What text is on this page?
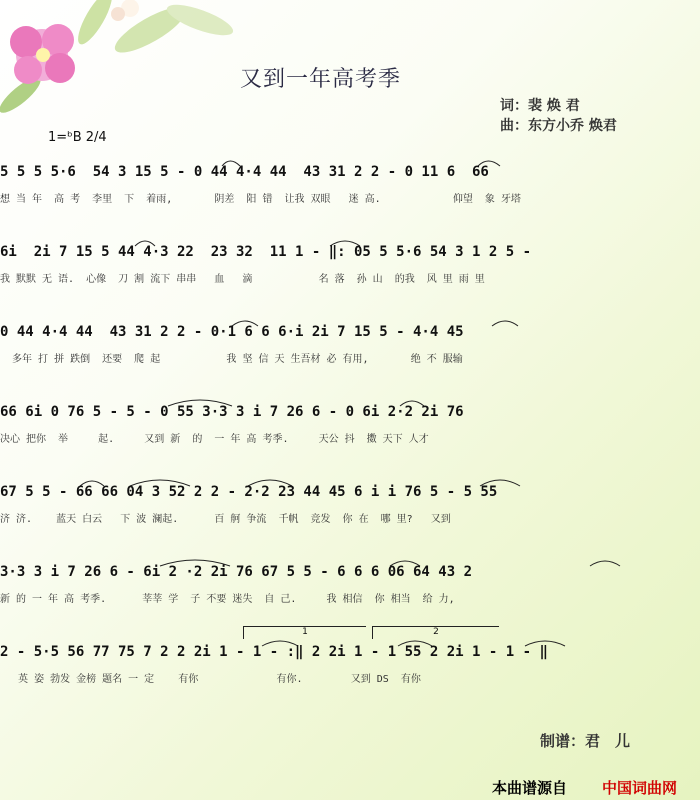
又到一年高考季
词：裴 焕 君
曲：东方小乔 焕君
1=ᵇB 2/4
5 5 5 5·6  54 3 15 5 - 0 44 4·4 44  43 31 2 2 - 0 11 6  66
想 当 年  高 考  李里  下  着雨,       阴差  阳 错  让我 双眼   迷 高.            仰望  象 牙塔
6i  2i 7 15 5 44 4·3 22  23 32  11 1 - ‖: 05 5 5·6 54 3 1 2 5 -
我 默默 无 语.  心像  刀 割 流下 串串   血   滴           名 落  孙 山  的我  风 里 雨 里
0 44 4·4 44  43 31 2 2 - 0·1 6 6 6·i 2i 7 15 5 - 4·4 45
多年 打 拼 跌倒  还要  爬 起           我 坚 信 天 生吾材 必 有用,       绝 不 服输
66 6i 0 76 5 - 5 - 0 55 3·3 3 i 7 26 6 - 0 6i 2·2 2i 76
决心 把你  举     起.     又到 新  的  一 年 高 考季.     天公 抖  擞 天下 人才
67 5 5 - 66 66 04 3 52 2 2 - 2·2 23 44 45 6 i i 76 5 - 5 55
济 济.    蓝天 白云   下 波 澜起.      百 舸 争流  千帆  竞发  你 在  哪 里?   又到
3·3 3 i 7 26 6 - 6i 2 ·2 2i 76 67 5 5 - 6 6 6 06 64 43 2
新 的 一 年 高 考季.      莘莘 学  子 不要 迷失  自 己.     我 相信  你 相当  给 力,
1	2
2 - 5·5 56 77 75 7 2 2 2i 1 - 1 - :‖ 2 2i 1 - 1 55 2 2i 1 - 1 - ‖
英 姿 勃发 金榜 题名 一 定    有你             有你.        又到 DS  有你
制谱：君　儿
本曲谱源自 中国词曲网
